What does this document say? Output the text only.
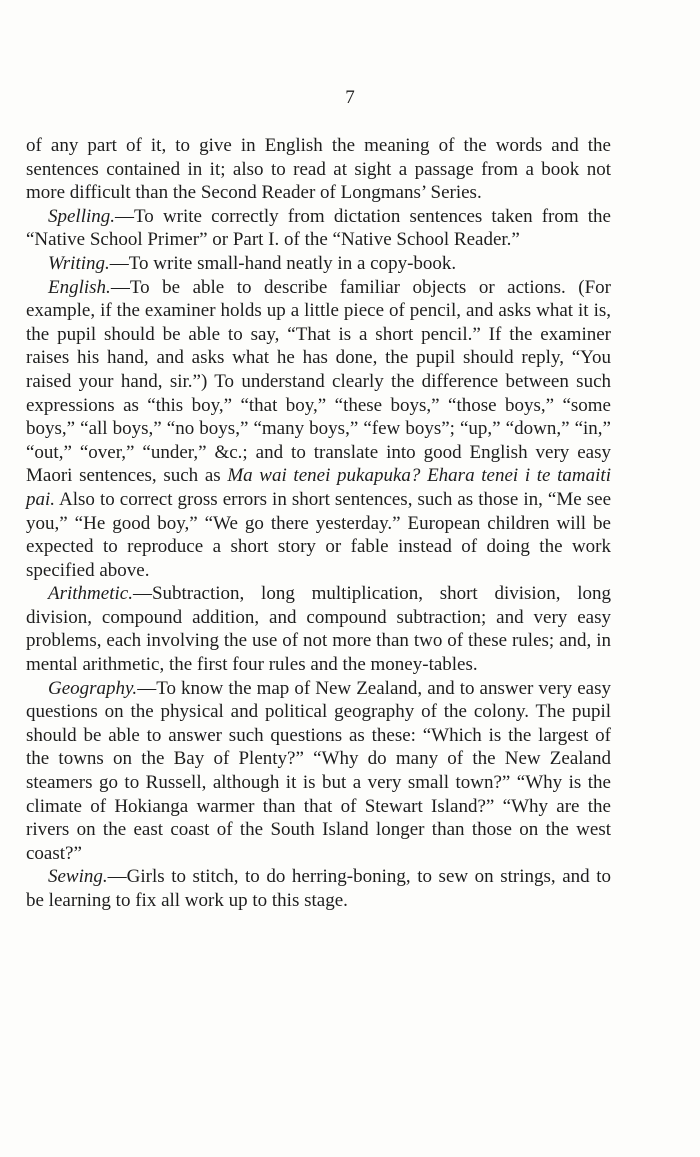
7

of any part of it, to give in English the meaning of the words and the sentences contained in it; also to read at sight a passage from a book not more difficult than the Second Reader of Longmans’ Series.

Spelling.—To write correctly from dictation sentences taken from the “Native School Primer” or Part I. of the “Native School Reader.”

Writing.—To write small-hand neatly in a copy-book.

English.—To be able to describe familiar objects or actions. (For example, if the examiner holds up a little piece of pencil, and asks what it is, the pupil should be able to say, “That is a short pencil.” If the examiner raises his hand, and asks what he has done, the pupil should reply, “You raised your hand, sir.”) To understand clearly the difference between such expressions as “this boy,” “that boy,” “these boys,” “those boys,” “some boys,” “all boys,” “no boys,” “many boys,” “few boys”; “up,” “down,” “in,” “out,” “over,” “under,” &c.; and to translate into good English very easy Maori sentences, such as Ma wai tenei pukapuka? Ehara tenei i te tamaiti pai. Also to correct gross errors in short sentences, such as those in, “Me see you,” “He good boy,” “We go there yesterday.” European children will be expected to reproduce a short story or fable instead of doing the work specified above.

Arithmetic.—Subtraction, long multiplication, short division, long division, compound addition, and compound subtraction; and very easy problems, each involving the use of not more than two of these rules; and, in mental arithmetic, the first four rules and the money-tables.

Geography.—To know the map of New Zealand, and to answer very easy questions on the physical and political geography of the colony. The pupil should be able to answer such questions as these: “Which is the largest of the towns on the Bay of Plenty?” “Why do many of the New Zealand steamers go to Russell, although it is but a very small town?” “Why is the climate of Hokianga warmer than that of Stewart Island?” “Why are the rivers on the east coast of the South Island longer than those on the west coast?”

Sewing.—Girls to stitch, to do herring-boning, to sew on strings, and to be learning to fix all work up to this stage.
